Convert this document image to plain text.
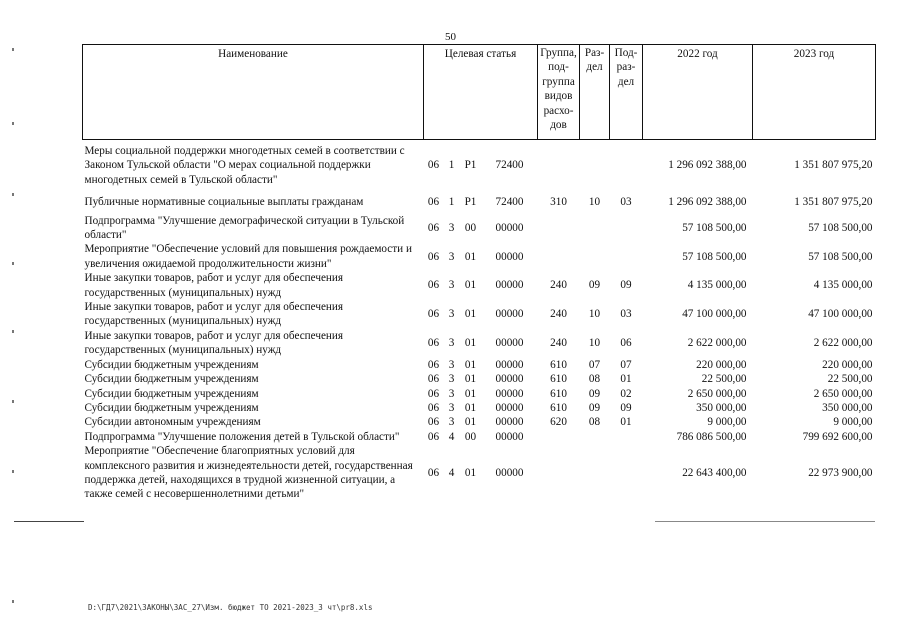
50
Наименование	Целевая статья				Группа, под- группа видов расхо- дов	Раз- дел	Под- раз- дел	2022 год	2023 год
Меры социальной поддержки многодетных семей в соответствии с Законом Тульской области "О мерах социальной поддержки многодетных семей в Тульской области"	06	1	Р1	72400				1 296 092 388,00	1 351 807 975,20
Публичные нормативные социальные выплаты гражданам	06	1	Р1	72400	310	10	03	1 296 092 388,00	1 351 807 975,20
Подпрограмма "Улучшение демографической ситуации в Тульской области"	06	3	00	00000				57 108 500,00	57 108 500,00
Мероприятие "Обеспечение условий для повышения рождаемости и увеличения ожидаемой продолжительности жизни"	06	3	01	00000				57 108 500,00	57 108 500,00
Иные закупки товаров, работ и услуг для обеспечения государственных (муниципальных) нужд	06	3	01	00000	240	09	09	4 135 000,00	4 135 000,00
Иные закупки товаров, работ и услуг для обеспечения государственных (муниципальных) нужд	06	3	01	00000	240	10	03	47 100 000,00	47 100 000,00
Иные закупки товаров, работ и услуг для обеспечения государственных (муниципальных) нужд	06	3	01	00000	240	10	06	2 622 000,00	2 622 000,00
Субсидии бюджетным учреждениям	06	3	01	00000	610	07	07	220 000,00	220 000,00
Субсидии бюджетным учреждениям	06	3	01	00000	610	08	01	22 500,00	22 500,00
Субсидии бюджетным учреждениям	06	3	01	00000	610	09	02	2 650 000,00	2 650 000,00
Субсидии бюджетным учреждениям	06	3	01	00000	610	09	09	350 000,00	350 000,00
Субсидии автономным учреждениям	06	3	01	00000	620	08	01	9 000,00	9 000,00
Подпрограмма "Улучшение положения детей в Тульской области"	06	4	00	00000				786 086 500,00	799 692 600,00
Мероприятие "Обеспечение благоприятных условий для комплексного развития и жизнедеятельности детей, государственная поддержка детей, находящихся в трудной жизненной ситуации, а также семей с несовершеннолетними детьми"	06	4	01	00000				22 643 400,00	22 973 900,00
D:\ГД7\2021\ЗАКОНЫ\ЗАС_27\Изм. бюджет ТО 2021-2023_3 чт\pr8.xls
